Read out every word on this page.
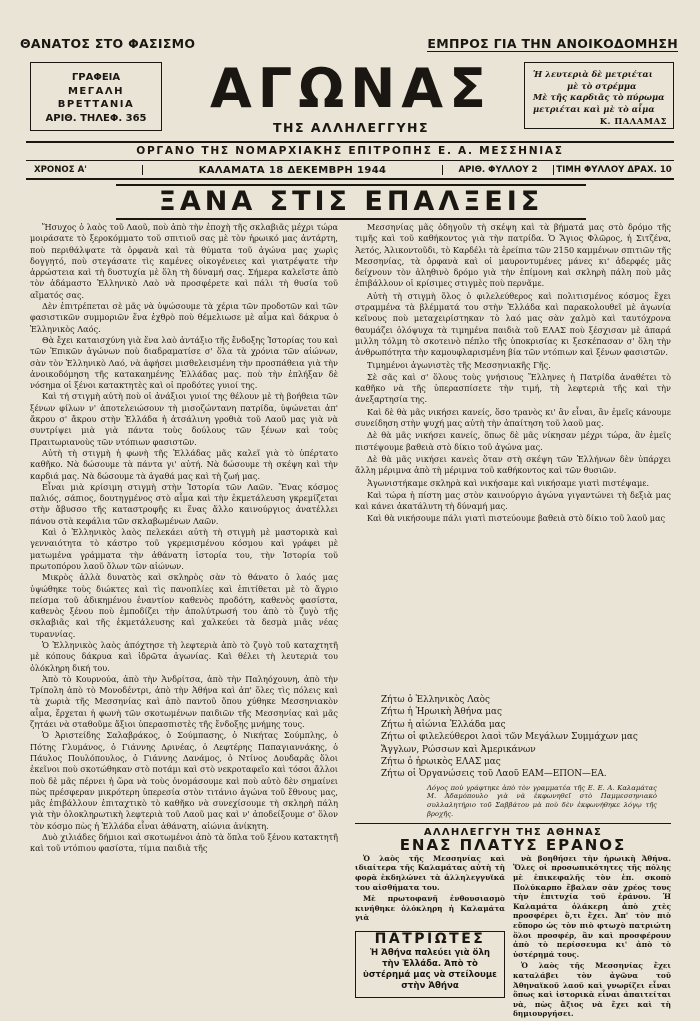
ΘΑΝΑΤΟΣ ΣΤΟ ΦΑΣΙΣΜΟ	ΕΜΠΡΟΣ ΓΙΑ ΤΗΝ ΑΝΟΙΚΟΔΟΜΗΣΗ
ΓΡΑΦΕΙΑ
ΜΕΓΑΛΗ ΒΡΕΤΤΑΝΙΑ
ΑΡΙΘ. ΤΗΛΕΦ. 365	ΑΓΩΝΑΣ
ΤΗΣ ΑΛΛΗΛΕΓΓΥΗΣ
Ἡ λευτεριὰ δὲ μετριέται
μὲ τὸ στρέμμα
Μὲ τῆς καρδιᾶς τὸ πύρωμα
μετριέται καὶ μὲ τὸ αἷμα
Κ. ΠΑΛΑΜΑΣ
ΟΡΓΑΝΟ ΤΗΣ ΝΟΜΑΡΧΙΑΚΗΣ ΕΠΙΤΡΟΠΗΣ Ε. Α. ΜΕΣΣΗΝΙΑΣ
ΧΡΟΝΟΣ Α'	ΚΑΛΑΜΑΤΑ 18 ΔΕΚΕΜΒΡΗ 1944	ΑΡΙΘ. ΦΥΛΛΟΥ 2	ΤΙΜΗ ΦΥΛΛΟΥ ΔΡΑΧ. 10
ΞΑΝΑ ΣΤΙΣ ΕΠΑΛΞΕΙΣ

Ἥσυχος ὁ λαὸς τοῦ Λαοῦ, ποὺ ἀπὸ τὴν ἐποχὴ τῆς σκλαβιᾶς μέχρι τώρα μοιράσατε τὸ ξεροκόμματο τοῦ σπιτιοῦ σας μὲ τὸν ἡρωικό μας ἀντάρτη, ποὺ περιθάλψατε τὰ ὀρφανὰ καὶ τὰ θύματα τοῦ ἀγώνα μας χωρὶς δογγητό, ποὺ στεγάσατε τὶς καμένες οἰκογένειες καὶ γιατρέψατε τὴν ἀρρώστεια καὶ τὴ δυστυχία μὲ ὅλη τὴ δύναμή σας. Σήμερα καλεῖστε ἀπὸ τὸν ἀδάμαστο Ἑλληνικὸ Λαὸ νὰ προσφέρετε καὶ πάλι τὴ θυσία τοῦ αἵματός σας.

Δὲν ἐπιτρέπεται σὲ μᾶς νὰ ὑψώσουμε τὰ χέρια τῶν προδοτῶν καὶ τῶν φασιστικῶν συμμοριῶν ἕνα ἐχθρὸ ποὺ θέμελιωσε μὲ αἷμα καὶ δάκρυα ὁ Ἑλληνικὸς Λαός.

Θὰ ἔχει καταισχύνη γιὰ ἕνα λαὸ ἀντάξιο τῆς ἔνδοξης Ἱστορίας του καὶ τῶν Ἐπικῶν ἀγώνων ποὺ διαδραματίσε σ' ὅλα τὰ χρόνια τῶν αἰώνων, σὰν τὸν Ἑλληνικὸ Λαό, νὰ ἀφήσει μισθελεισμένη τὴν προσπάθεια γιὰ τὴν ἀνοικοδόμηση τῆς κατακαημένης Ἑλλάδας μας. ποὺ τὴν ἐπλήξαν δὲ νόσημα οἱ ξένοι κατακτητὲς καὶ οἱ προδότες γυιοί της.

Καὶ τή στιγμὴ αὐτὴ ποὺ οἱ ἀνάξιοι γυιοί της θέλουν μὲ τὴ βοήθεια τῶν ξένων φίλων ν' ἀποτελειώσουν τὴ μισοζώντανη πατρίδα, ὑψώνεται ἀπ' ἄκρου σ' ἄκρου στὴν Ἑλλάδα ἡ ἀτσάλινη γροθιὰ τοῦ Λαοῦ μας γιὰ νὰ συντρίψει μιὰ γιὰ πάντα τοὺς δούλους τῶν ξένων καὶ τοὺς Πραιτωριανοὺς τῶν ντόπιων φασιστῶν.

Αὐτὴ τὴ στιγμὴ ἡ φωνὴ τῆς Ἑλλάδας μᾶς καλεῖ γιὰ τὸ ὑπέρτατο καθῆκο. Νὰ δώσουμε τὰ πάντα γι' αὐτή. Νὰ δώσουμε τὴ σκέψη καὶ τὴν καρδιά μας. Νὰ δώσουμε τὰ ἀγαθά μας καὶ τὴ ζωή μας.

Εἶναι μιὰ κρίσιμη στιγμὴ στὴν Ἱστορία τῶν Λαῶν. Ἕνας κόσμος παλιός, σάπιος, δουτηγμένος στὸ αἷμα καὶ τὴν ἐκμετάλευση γκρεμίζεται στὴν ἄβυσσο τῆς καταστροφῆς κι ἕνας ἄλλο καινούργιος ἀνατέλλει πάνου στὰ κεφάλια τῶν σκλαβωμένων Λαῶν.

Καὶ ὁ Ἑλληνικὸς λαὸς πελεκάει αὐτὴ τὴ στιγμὴ μὲ μαστορικὰ καὶ γενναιότητα τὸ κάστρο τοῦ γκρεμισμένου κόσμου καὶ γράφει μὲ ματωμένα γράμματα τὴν ἀθάνατη ἱστορία του, τὴν Ἱστορία τοῦ πρωτοπόρου λαοῦ ὅλων τῶν αἰώνων.

Μικρὸς ἀλλὰ δυνατὸς καὶ σκληρὸς σὰν τὸ θάνατο ὁ λαός μας ὑψώθηκε τοὺς διώκτες καὶ τὶς πανοπλίες καὶ ἐπιτίθεται μὲ τὸ ἄγριο πείσμα τοῦ ἀδικημένου ἐναντίον καθενὸς προδότη, καθενὸς φασίστα, καθενὸς ξένου ποὺ ἐμποδίζει τὴν ἀπολύτρωσή του ἀπὸ τὸ ζυγὸ τῆς σκλαβιᾶς καὶ τῆς ἐκμετάλευσης καὶ χαλκεύει τὰ δεσμὰ μιᾶς νέας τυραννίας.

Ὁ Ἑλληνικὸς λαὸς ἀπόχτησε τὴ λεφτεριὰ ἀπὸ τὸ ζυγὸ τοῦ καταχτητῆ μὲ κόπους δάκρυα καὶ ἱδρῶτα ἀγωνίας. Καὶ θέλει τὴ λευτεριὰ του ὁλόκληρη δική του.

Ἀπὸ τὸ Κουρνούα, ἀπὸ τὴν Ἀνδρίτσα, ἀπὸ τὴν Παληόχουνη, ἀπὸ τὴν Τρίπολη ἀπὸ τὸ Μονοδέντρι, ἀπὸ τὴν Ἀθήνα καὶ ἀπ' ὅλες τὶς πόλεις καὶ τὰ χωριὰ τῆς Μεσσηνίας καὶ ἀπὸ παντοῦ ὅπου χύθηκε Μεσσηνιακὸν αἷμα, ἔρχεται ἡ φωνὴ τῶν σκοτωμένων παιδιῶν τῆς Μεσσηνίας καὶ μᾶς ζητάει νὰ σταθοῦμε ἄξιοι ὑπερασπιστὲς τῆς ἔνδοξης μνήμης τους.

Ὁ Ἀριστείδης Σαλαβράκος, ὁ Σούμπασης, ὁ Νικήτας Σούμπλης, ὁ Πότης Γλυμάνος, ὁ Γιάννης Δρινέας, ὁ Λεφτέρης Παπαγιαννάκης, ὁ Πάυλος Πουλόπουλος, ὁ Γιάννης Δανάμος, ὁ Ντίνος Δουδαρᾶς ὅλοι ἐκεῖνοι ποὺ σκοτώθηκαν στὸ ποτάμι καὶ στὸ νεκροταφεῖο καὶ τόσοι ἄλλοι ποὺ δὲ μᾶς πέρνει ἡ ὥρα νὰ τοὺς ὀνομάσουμε καὶ ποὺ αὐτὸ δὲν σημαίνει πὼς πρέσφεραν μικρότερη ὑπερεσία στὸν τιτάνιο ἀγώνα τοῦ ἔθνους μας, μᾶς ἐπιβάλλουν ἐπιταχτικὸ τὸ καθῆκο νὰ συνεχίσουμε τὴ σκληρὴ πάλη γιὰ τὴν ὁλοκληρωτικὴ λεφτεριὰ τοῦ Λαοῦ μας καὶ ν' ἀποδείξουμε σ' ὅλον τὸν κόσμο πὼς ἡ Ἑλλάδα εἶναι ἀθάνατη, αἰώνια ἀνίκητη.

Δυὸ χιλιάδες δήμιοι καὶ σκοτωμένοι ἀπὸ τὰ ὅπλα τοῦ ξένου κατακτητῆ καὶ τοῦ ντόπιου φασίστα, τίμια παιδιὰ τῆς

Μεσσηνίας μᾶς ὁδηγοῦν τὴ σκέψη καὶ τὰ βήματά μας στὸ δρόμο τῆς τιμῆς καὶ τοῦ καθήκοντος γιὰ τὴν πατρίδα. Ὁ Ἅγιος Φλῶρος, ἡ Σιτζένα, Ἀετός, Ἀλικοντοῦδι, τὸ Καρδέλι τὰ ἐρείπια τῶν 2150 καμμένων σπιτιῶν τῆς Μεσσηνίας, τὰ ὀρφανὰ καὶ οἱ μαυροντυμένες μάνες κι' ἀδερφές μᾶς δείχνουν τὸν ἀληθινὸ δρόμο γιὰ τὴν ἐπίμονη καὶ σκληρὴ πάλη ποὺ μᾶς ἐπιβάλλουν οἱ κρίσιμες στιγμὲς ποὺ περνᾶμε.

Αὐτὴ τὴ στιγμὴ ὅλος ὁ φιλελεύθερος καὶ πολιτισμένος κόσμος ἔχει στραμμένα τὰ βλέμματά του στὴν Ἑλλάδα καὶ παρακολουθεῖ μὲ ἀγωνία κεῖνους ποὺ μεταχειρίστηκαν τὸ λαό μας σὰν χαλμὸ καὶ ταυτόχρονα θαυμάζει ὁλόψυχα τὰ τιμημένα παιδιὰ τοῦ ΕΛΑΣ ποὺ ξέσχισαν μὲ ἀπαρά μιλλη τόλμη τὸ σκοτεινὸ πέπλο τῆς ὑποκρισίας κι ξεσκέπασαν σ' ὅλη τὴν ἀνθρωπότητα τὴν καμουφλαρισμένη βία τῶν ντόπιων καὶ ξένων φασιστῶν.

Τιμημένοι ἀγωνιστὲς τῆς Μεσσηνιακῆς Γῆς.

Σὲ σᾶς καὶ σ' ὅλους τοὺς γνήσιους Ἕλληνες ἡ Πατρίδα ἀναθέτει τὸ καθῆκο νὰ τῆς ὑπερασπίσετε τὴν τιμή, τὴ λεφτεριὰ τῆς καὶ τὴν ἀνεξαρτησία της.

Καὶ δὲ θὰ μᾶς νικήσει κανείς, ὅσο τρανὸς κι' ἂν εἶναι, ἂν ἐμεῖς κάνουμε συνείδηση στὴν ψυχή μας αὐτὴ τὴν ἀπαίτηση τοῦ λαοῦ μας.

Δὲ θὰ μᾶς νικήσει κανείς, ὅπως δὲ μᾶς νίκησαν μέχρι τώρα, ἂν ἐμεῖς πιστέψουμε βαθειὰ στὸ δίκιο τοῦ ἀγώνα μας.

Δὲ θὰ μᾶς νικήσει κανεὶς ὅταν στὴ σκέψη τῶν Ἑλλήνων δὲν ὑπάρχει ἄλλη μέριμνα ἀπὸ τὴ μέριμνα τοῦ καθήκοντος καὶ τῶν θυσιῶν.

Ἀγωνιστήκαμε σκληρὰ καὶ νικήσαμε καὶ νικήσαμε γιατὶ πιστέψαμε.

Καὶ τώρα ἡ πίστη μας στὸν καινούργιο ἀγώνα γιγαντώνει τὴ δεξιὰ μας καὶ κάνει ἀκατάλυτη τὴ δύναμή μας.

Καὶ θὰ νικήσουμε πάλι γιατὶ πιστεύουμε βαθειὰ στὸ δίκιο τοῦ λαοῦ μας

Ζήτω ὁ Ἑλληνικὸς Λαὸς
Ζήτω ἡ Ἡρωικὴ Ἀθήνα μας
Ζήτω ἡ αἰώνια Ἑλλάδα μας
Ζήτω οἱ φιλελεύθεροι λαοὶ τῶν Μεγάλων Συμμάχων μας
Ἄγγλων, Ρώσσων καὶ Ἀμερικάνων
Ζήτω ὁ ἡρωικὸς ΕΛΑΣ μας
Ζήτω οἱ Ὀργανώσεις τοῦ Λαοῦ ΕΑΜ—ΕΠΟΝ—ΕΑ.
Λόγος ποὺ γράφτηκε ἀπὸ τὸν γραμματέα τῆς Ε. Ε. Α. Καλαμάτας Μ. Ἀδαμόπουλο γιὰ νὰ ἐκφωνηθεῖ στὸ Παμμεσσηνιακὸ συλλαλητήριο τοῦ Σαββάτου μὰ ποὺ δὲν ἐκφωνήθηκε λόγῳ τῆς βροχῆς.
ΑΛΛΗΛΕΓΓΥΗ ΤΗΣ ΑΘΗΝΑΣ
ΕΝΑΣ ΠΛΑΤΥΣ ΕΡΑΝΟΣ

Ὁ λαὸς τῆς Μεσσηνίας καὶ ιδιαίτερα τῆς Καλαμάτας αὐτὴ τὴ φορὰ ἐκδηλώνει τὰ ἀλληλεγγυϊκά του αἰσθήματα του.

Μὲ πρωτοφανῆ ἐνθουσιασμὸ κινήθηκε ὁλόκληρη ἡ Καλαμάτα γιὰ

ΠΑΤΡΙΩΤΕΣ
Ἡ Ἀθήνα παλεύει γιὰ ὅλη τὴν Ἑλλάδα. Ἀπὸ τὸ ὑστέρημά μας νὰ στείλουμε στὴν Ἀθήνα

νὰ βοηθήσει τὴν ἡρωικὴ Ἀθήνα. Ὅλες οἱ προσωπικότητες τῆς πόλης μὲ ἐπικεφαλῆς τὸν ἐπ. σκοπὸ Πολύκαρπο ἔβαλαν σὰν χρέος τους τὴν ἐπιτυχία τοῦ ἐράνου. Ἡ Καλαμάτα ὁλάκερη ἀπὸ χτὲς προσφέρει ὅ,τι ἔχει. Ἀπ' τὸν πιὸ εὔπορο ὡς τὸν πιὸ φτωχὸ πατριώτη ὅλοι προσφέρ, ἂν καὶ προσφέρουν ἀπὸ τὸ περίσσευμα κι' ἀπὸ τὸ ὑστέρημά τους.

Ὁ λαὸς τῆς Μεσσηνίας ἔχει καταλάβει τὸν ἀγῶνα τοῦ Ἀθηναϊκοῦ λαοῦ καὶ γνωρίζει εἶναι ὅπως καὶ ἱστορικὰ εἶναι ἀπαιτείται νὰ, πὼς ἄξιος νὰ ἔχει καὶ τὴ δημιουργήσει.
